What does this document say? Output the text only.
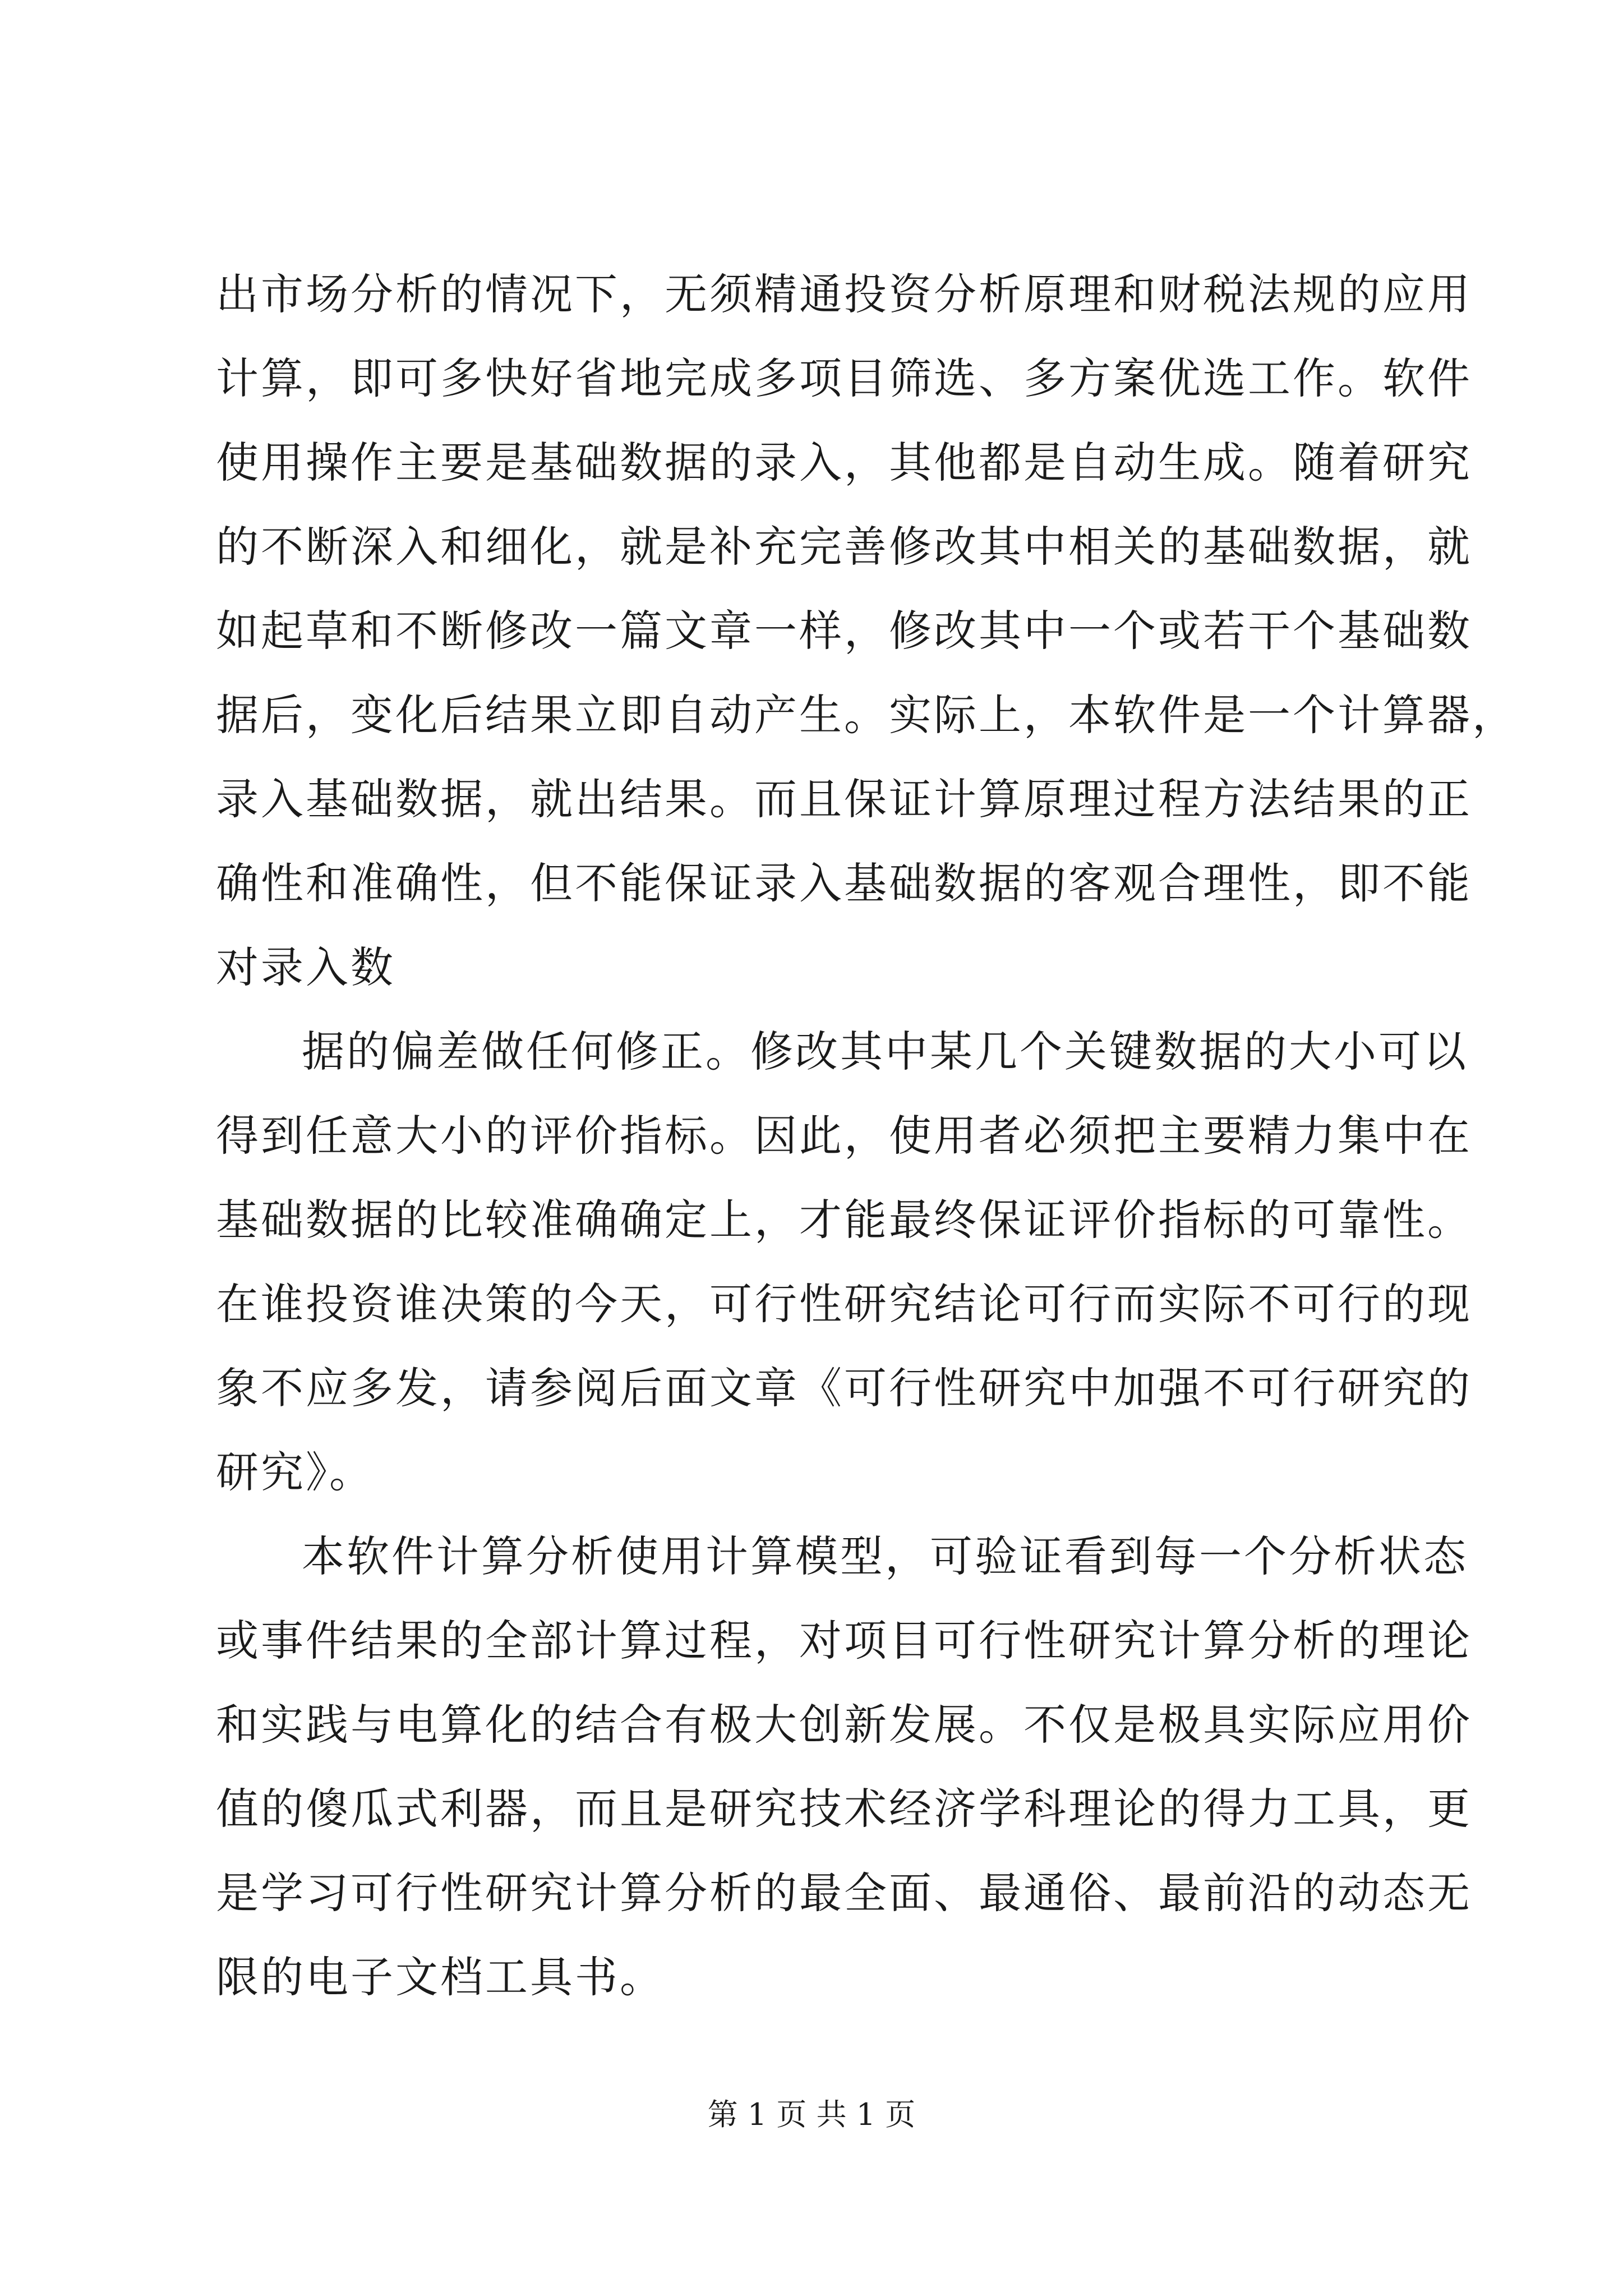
出市场分析的情况下，无须精通投资分析原理和财税法规的应用
计算，即可多快好省地完成多项目筛选、多方案优选工作。软件
使用操作主要是基础数据的录入，其他都是自动生成。随着研究
的不断深入和细化，就是补充完善修改其中相关的基础数据，就
如起草和不断修改一篇文章一样，修改其中一个或若干个基础数
据后，变化后结果立即自动产生。实际上，本软件是一个计算器，
录入基础数据，就出结果。而且保证计算原理过程方法结果的正
确性和准确性，但不能保证录入基础数据的客观合理性，即不能
对录入数
据的偏差做任何修正。修改其中某几个关键数据的大小可以
得到任意大小的评价指标。因此，使用者必须把主要精力集中在
基础数据的比较准确确定上，才能最终保证评价指标的可靠性。
在谁投资谁决策的今天，可行性研究结论可行而实际不可行的现
象不应多发，请参阅后面文章《可行性研究中加强不可行研究的
研究》。
本软件计算分析使用计算模型，可验证看到每一个分析状态
或事件结果的全部计算过程，对项目可行性研究计算分析的理论
和实践与电算化的结合有极大创新发展。不仅是极具实际应用价
值的傻瓜式利器，而且是研究技术经济学科理论的得力工具，更
是学习可行性研究计算分析的最全面、最通俗、最前沿的动态无
限的电子文档工具书。
第 1 页 共 1 页
